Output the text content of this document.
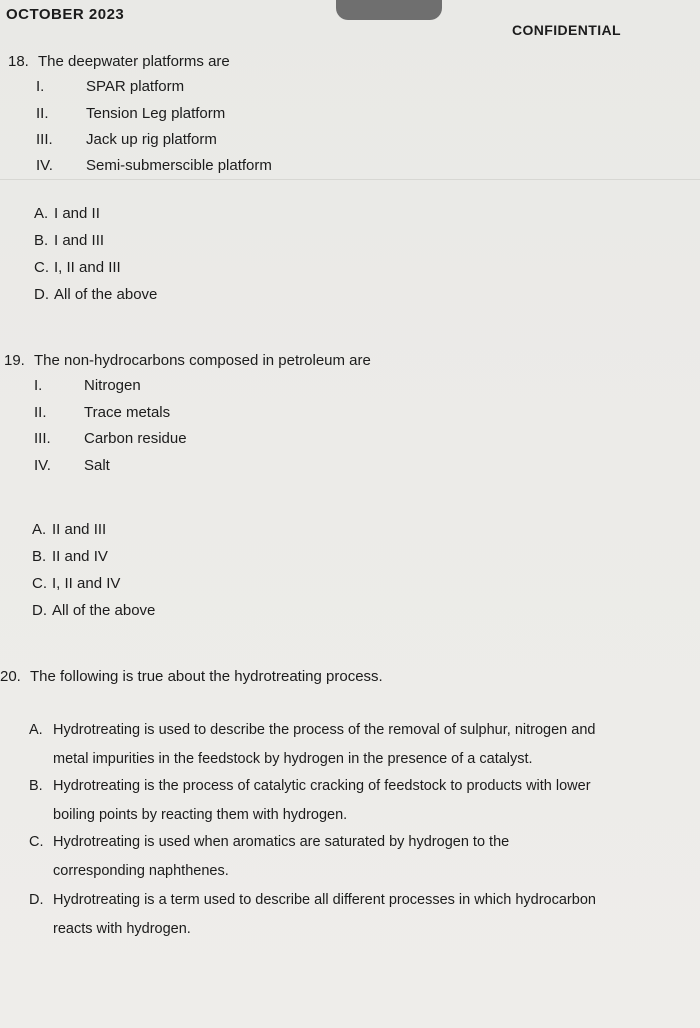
OCTOBER 2023
CONFIDENTIAL
18. The deepwater platforms are
I.	SPAR platform
II. Tension Leg platform
III. Jack up rig platform
IV. Semi-submerscible platform
A. I and II
B. I and III
C. I, II and III
D. All of the above
19. The non-hydrocarbons composed in petroleum are
I.	Nitrogen
II. Trace metals
III. Carbon residue
IV. Salt
A. II and III
B. II and IV
C. I, II and IV
D. All of the above
20. The following is true about the hydrotreating process.
A. Hydrotreating is used to describe the process of the removal of sulphur, nitrogen and
metal impurities in the feedstock by hydrogen in the presence of a catalyst.
B. Hydrotreating is the process of catalytic cracking of feedstock to products with lower
boiling points by reacting them with hydrogen.
C. Hydrotreating is used when aromatics are saturated by hydrogen to the
corresponding naphthenes.
D. Hydrotreating is a term used to describe all different processes in which hydrocarbon
reacts with hydrogen.
